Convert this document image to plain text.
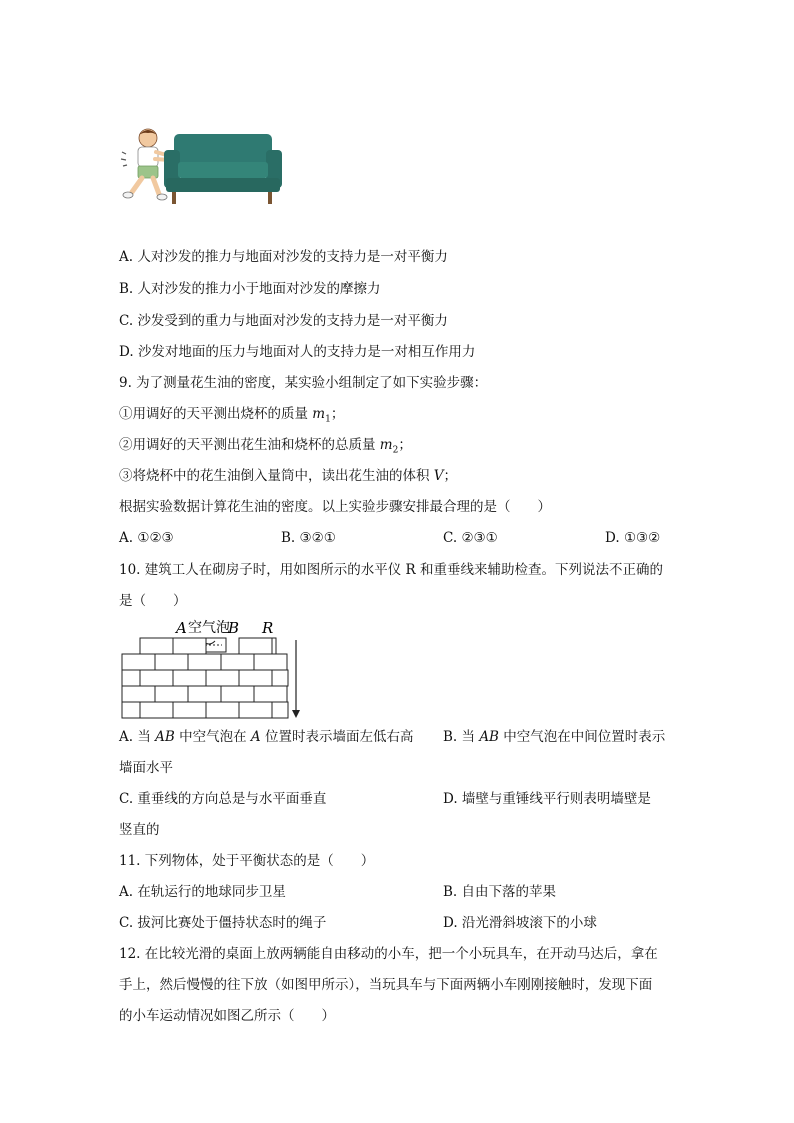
A. 人对沙发的推力与地面对沙发的支持力是一对平衡力
B. 人对沙发的推力小于地面对沙发的摩擦力
C. 沙发受到的重力与地面对沙发的支持力是一对平衡力
D. 沙发对地面的压力与地面对人的支持力是一对相互作用力
9. 为了测量花生油的密度，某实验小组制定了如下实验步骤：
①用调好的天平测出烧杯的质量 $m_1$；
②用调好的天平测出花生油和烧杯的总质量 $m_2$；
③将烧杯中的花生油倒入量筒中，读出花生油的体积 V；
根据实验数据计算花生油的密度。以上实验步骤安排最合理的是（　　）
A. ①②③	B. ③②①	C. ②③①	D. ①③②
10. 建筑工人在砌房子时，用如图所示的水平仪 R 和重垂线来辅助检查。下列说法不正确的
是（　　）
A 空气泡
B R
A. 当 AB 中空气泡在 A 位置时表示墙面左低右高 B. 当 AB 中空气泡在中间位置时表示
墙面水平
C. 重垂线的方向总是与水平面垂直	D. 墙壁与重锤线平行则表明墙壁是
竖直的
11. 下列物体，处于平衡状态的是（　　）
A. 在轨运行的地球同步卫星	B. 自由下落的苹果
C. 拔河比赛处于僵持状态时的绳子	D. 沿光滑斜坡滚下的小球
12. 在比较光滑的桌面上放两辆能自由移动的小车，把一个小玩具车，在开动马达后，拿在
手上，然后慢慢的往下放（如图甲所示），当玩具车与下面两辆小车刚刚接触时，发现下面
的小车运动情况如图乙所示（　　）
